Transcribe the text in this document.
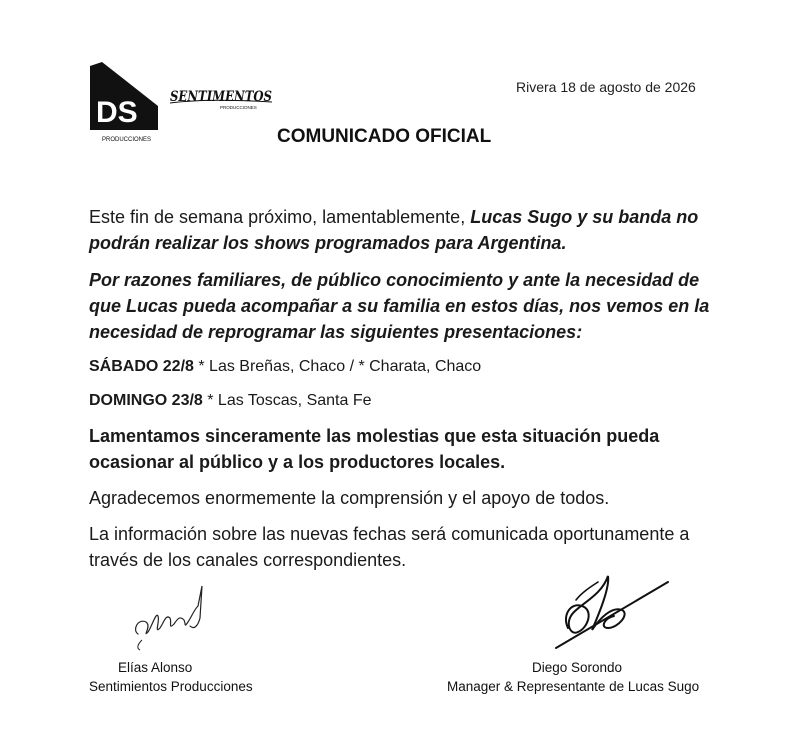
DS
PRODUCCIONES
SENTIMENTOS
PRODUCCIONES
Rivera 18 de agosto de 2026
COMUNICADO OFICIAL
Este fin de semana próximo, lamentablemente, Lucas Sugo y su banda no podrán realizar los shows programados para Argentina.
Por razones familiares, de público conocimiento y ante la necesidad de que Lucas pueda acompañar a su familia en estos días, nos vemos en la necesidad de reprogramar las siguientes presentaciones:
SÁBADO 22/8 * Las Breñas, Chaco / * Charata, Chaco
DOMINGO 23/8 * Las Toscas, Santa Fe
Lamentamos sinceramente las molestias que esta situación pueda ocasionar al público y a los productores locales.
Agradecemos enormemente la comprensión y el apoyo de todos.
La información sobre las nuevas fechas será comunicada oportunamente a través de los canales correspondientes.
Elías Alonso
Sentimientos Producciones
Diego Sorondo
Manager & Representante de Lucas Sugo
